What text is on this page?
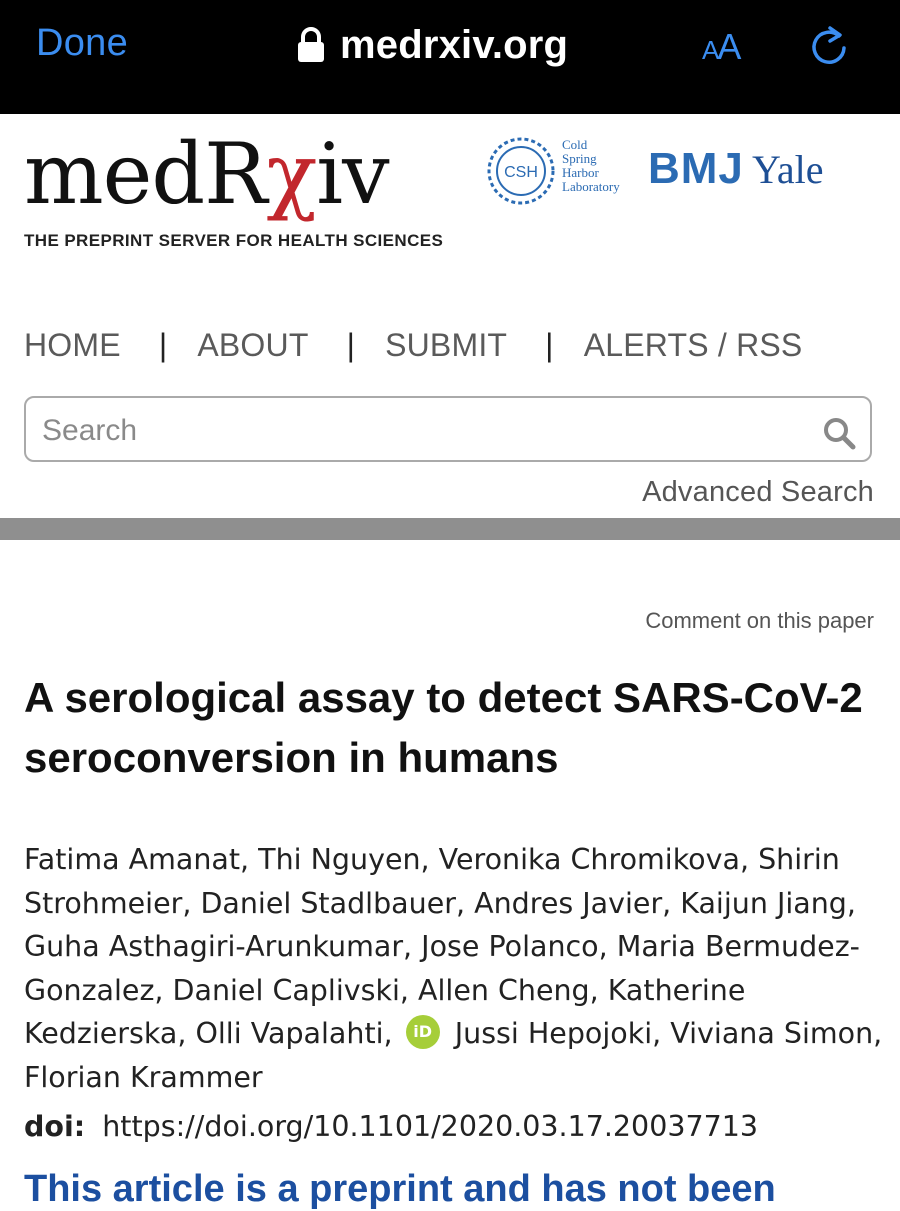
Done	medrxiv.org	AA
medRχiv
THE PREPRINT SERVER FOR HEALTH SCIENCES
CSH
Cold
Spring
Harbor
Laboratory BMJ Yale
HOME | ABOUT | SUBMIT | ALERTS / RSS
Search
Advanced Search
Comment on this paper
A serological assay to detect SARS-CoV-2 seroconversion in humans
Fatima Amanat, Thi Nguyen, Veronika Chromikova, Shirin Strohmeier, Daniel Stadlbauer, Andres Javier, Kaijun Jiang, Guha Asthagiri-Arunkumar, Jose Polanco, Maria Bermudez-Gonzalez, Daniel Caplivski, Allen Cheng, Katherine Kedzierska, Olli Vapalahti, iD Jussi Hepojoki, Viviana Simon, Florian Krammer
doi: https://doi.org/10.1101/2020.03.17.20037713
This article is a preprint and has not been
